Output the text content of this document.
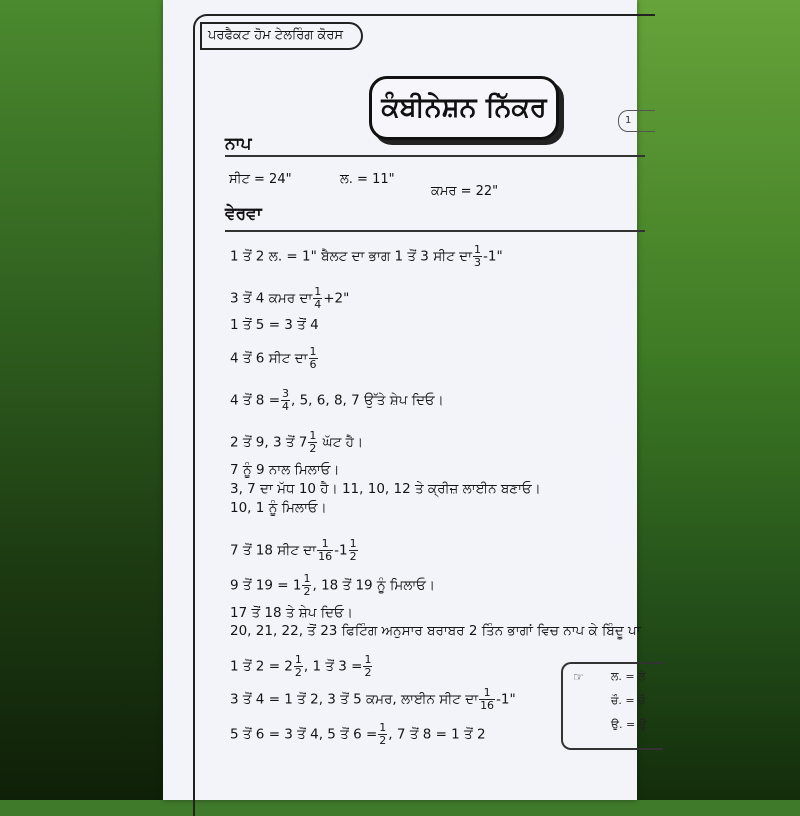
ਪਰਫੈਕਟ ਹੋਮ ਟੇਲਰਿੰਗ ਕੋਰਸ
ਕੰਬੀਨੇਸ਼ਨ ਨਿੱਕਰ	1
ਨਾਪ
ਸੀਟ = 24"	ਲ. = 11"
ਕਮਰ = 22"
ਵੇਰਵਾ
1 ਤੋਂ 2 ਲ. = 1" ਬੈਲਟ ਦਾ ਭਾਗ 1 ਤੋਂ 3 ਸੀਟ ਦਾ $\frac{1}{3} -1$"
3 ਤੋਂ 4 ਕਮਰ ਦਾ $\frac{1}{4} +2$"
1 ਤੋਂ 5 = 3 ਤੋਂ 4
4 ਤੋਂ 6 ਸੀਟ ਦਾ $\frac{1}{6}$
4 ਤੋਂ $8 = \frac{3}{4}$ , 5, 6, 8, 7 ਉੱਤੇ ਸ਼ੇਪ ਦਿਓ।
2 ਤੋਂ 9, 3 ਤੋਂ $7 \frac{1}{2}$ ਘੱਟ ਹੈ।
7 ਨੂੰ 9 ਨਾਲ ਮਿਲਾਓ।
3, 7 ਦਾ ਮੱਧ 10 ਹੈ। 11, 10, 12 ਤੇ ਕ੍ਰੀਜ਼ ਲਾਈਨ ਬਣਾਓ।
10, 1 ਨੂੰ ਮਿਲਾਓ।
7 ਤੋਂ 18 ਸੀਟ ਦਾ $\frac{1}{16} -1 \frac{1}{2}$
9 ਤੋਂ $19 = 1 \frac{1}{2}$ , 18 ਤੋਂ 19 ਨੂੰ ਮਿਲਾਓ।
17 ਤੋਂ 18 ਤੇ ਸ਼ੇਪ ਦਿਓ।
20, 21, 22, ਤੋਂ 23 ਫਿਟਿੰਗ ਅਨੁਸਾਰ ਬਰਾਬਰ 2 ਤਿੰਨ ਭਾਗਾਂ ਵਿਚ ਨਾਪ ਕੇ ਬਿੰਦੂ ਪਾ
1 ਤੋਂ $2 = 2 \frac{1}{2}$ , 1 ਤੋਂ $3 = \frac{1}{2}$
3 ਤੋਂ 4 = 1 ਤੋਂ 2, 3 ਤੋਂ 5 ਕਮਰ, ਲਾਈਨ ਸੀਟ ਦਾ $\frac{1}{16} -1$"
5 ਤੋਂ 6 = 3 ਤੋਂ 4, 5 ਤੋਂ $6 = \frac{1}{2}$ , 7 ਤੋਂ 8 = 1 ਤੋਂ 2
☞ ਲ. = ਲੰ
ਚੌ. = ਚੌ
ਉ. = ਉ
